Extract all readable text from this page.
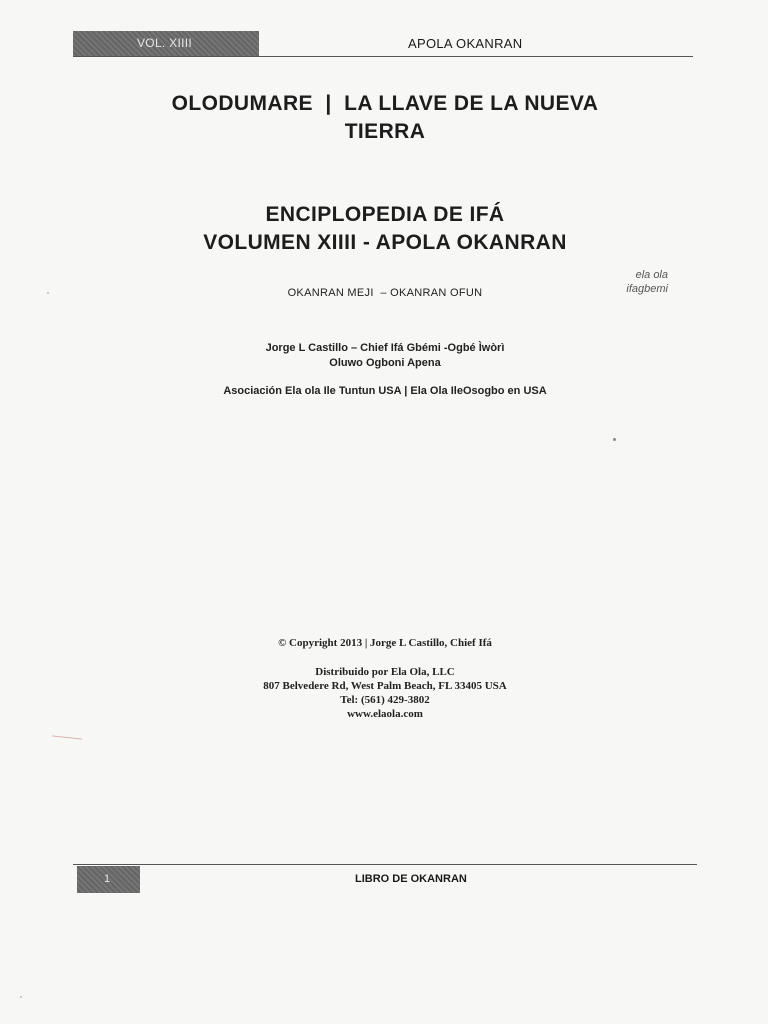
VOL. XIIII	APOLA OKANRAN
OLODUMARE  |  LA LLAVE DE LA NUEVA
TIERRA
ENCIPLOPEDIA DE IFÁ
VOLUMEN XIIII - APOLA OKANRAN
ela ola
ifagbemi
OKANRAN MEJI  – OKANRAN OFUN
Jorge L Castillo – Chief Ifá Gbémi -Ogbé Ìwòrì
Oluwo Ogboni Apena
Asociación Ela ola Ile Tuntun USA | Ela Ola IleOsogbo en USA
© Copyright 2013 | Jorge L Castillo, Chief Ifá
Distribuido por Ela Ola, LLC
807 Belvedere Rd, West Palm Beach, FL 33405 USA
Tel: (561) 429-3802
www.elaola.com
1	LIBRO DE OKANRAN
